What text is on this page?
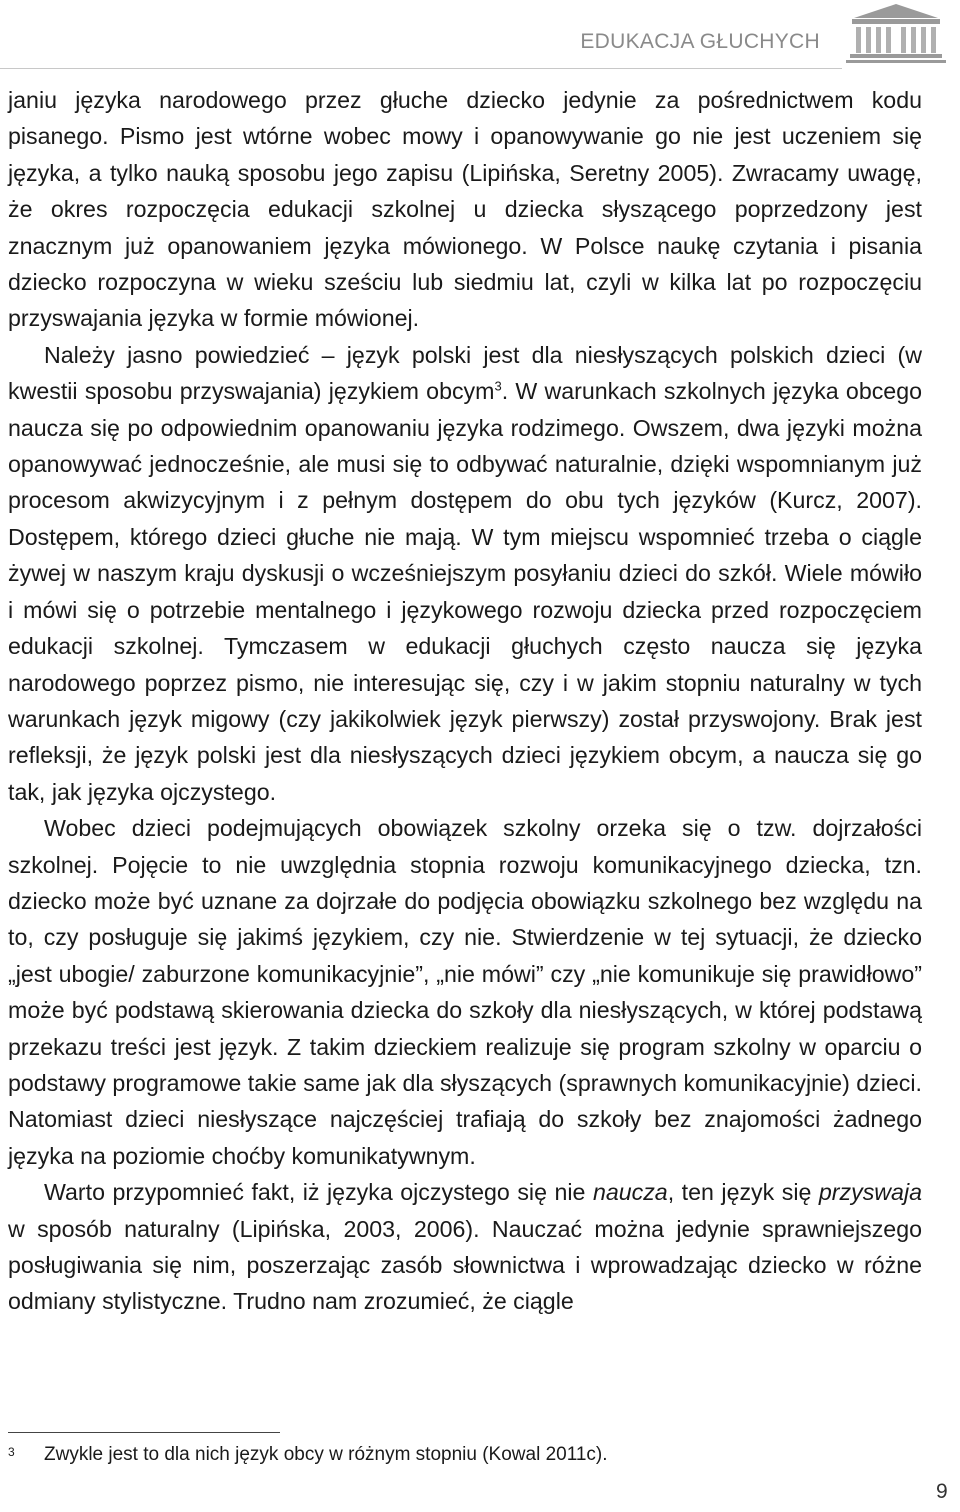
EDUKACJA GŁUCHYCH

janiu języka narodowego przez głuche dziecko jedynie za pośrednictwem kodu pisanego. Pismo jest wtórne wobec mowy i opanowywanie go nie jest uczeniem się języka, a tylko nauką sposobu jego zapisu (Lipińska, Seretny 2005). Zwracamy uwagę, że okres rozpoczęcia edukacji szkolnej u dziecka słyszącego poprzedzony jest znacznym już opanowaniem języka mówionego. W Polsce naukę czytania i pisania dziecko rozpoczyna w wieku sześciu lub siedmiu lat, czyli w kilka lat po rozpoczęciu przyswajania języka w formie mówionej.

Należy jasno powiedzieć – język polski jest dla niesłyszących polskich dzieci (w kwestii sposobu przyswajania) językiem obcym$^3$. W warunkach szkolnych języka obcego naucza się po odpowiednim opanowaniu języka rodzimego. Owszem, dwa języki można opanowywać jednocześnie, ale musi się to odbywać naturalnie, dzięki wspomnianym już procesom akwizycyjnym i z pełnym dostępem do obu tych języków (Kurcz, 2007). Dostępem, którego dzieci głuche nie mają. W tym miejscu wspomnieć trzeba o ciągle żywej w naszym kraju dyskusji o wcześniejszym posyłaniu dzieci do szkół. Wiele mówiło i mówi się o potrzebie mentalnego i językowego rozwoju dziecka przed rozpoczęciem edukacji szkolnej. Tymczasem w edukacji głuchych często naucza się języka narodowego poprzez pismo, nie interesując się, czy i w jakim stopniu naturalny w tych warunkach język migowy (czy jakikolwiek język pierwszy) został przyswojony. Brak jest refleksji, że język polski jest dla niesłyszących dzieci językiem obcym, a naucza się go tak, jak języka ojczystego.

Wobec dzieci podejmujących obowiązek szkolny orzeka się o tzw. dojrzałości szkolnej. Pojęcie to nie uwzględnia stopnia rozwoju komunikacyjnego dziecka, tzn. dziecko może być uznane za dojrzałe do podjęcia obowiązku szkolnego bez względu na to, czy posługuje się jakimś językiem, czy nie. Stwierdzenie w tej sytuacji, że dziecko „jest ubogie/ zaburzone komunikacyjnie”, „nie mówi” czy „nie komunikuje się prawidłowo” może być podstawą skierowania dziecka do szkoły dla niesłyszących, w której podstawą przekazu treści jest język. Z takim dzieckiem realizuje się program szkolny w oparciu o podstawy programowe takie same jak dla słyszących (sprawnych komunikacyjnie) dzieci. Natomiast dzieci niesłyszące najczęściej trafiają do szkoły bez znajomości żadnego języka na poziomie choćby komunikatywnym.

Warto przypomnieć fakt, iż języka ojczystego się nie naucza, ten język się przyswaja w sposób naturalny (Lipińska, 2003, 2006). Nauczać można jedynie sprawniejszego posługiwania się nim, poszerzając zasób słownictwa i wprowadzając dziecko w różne odmiany stylistyczne. Trudno nam zrozumieć, że ciągle

3 Zwykle jest to dla nich język obcy w różnym stopniu (Kowal 2011c).
9
